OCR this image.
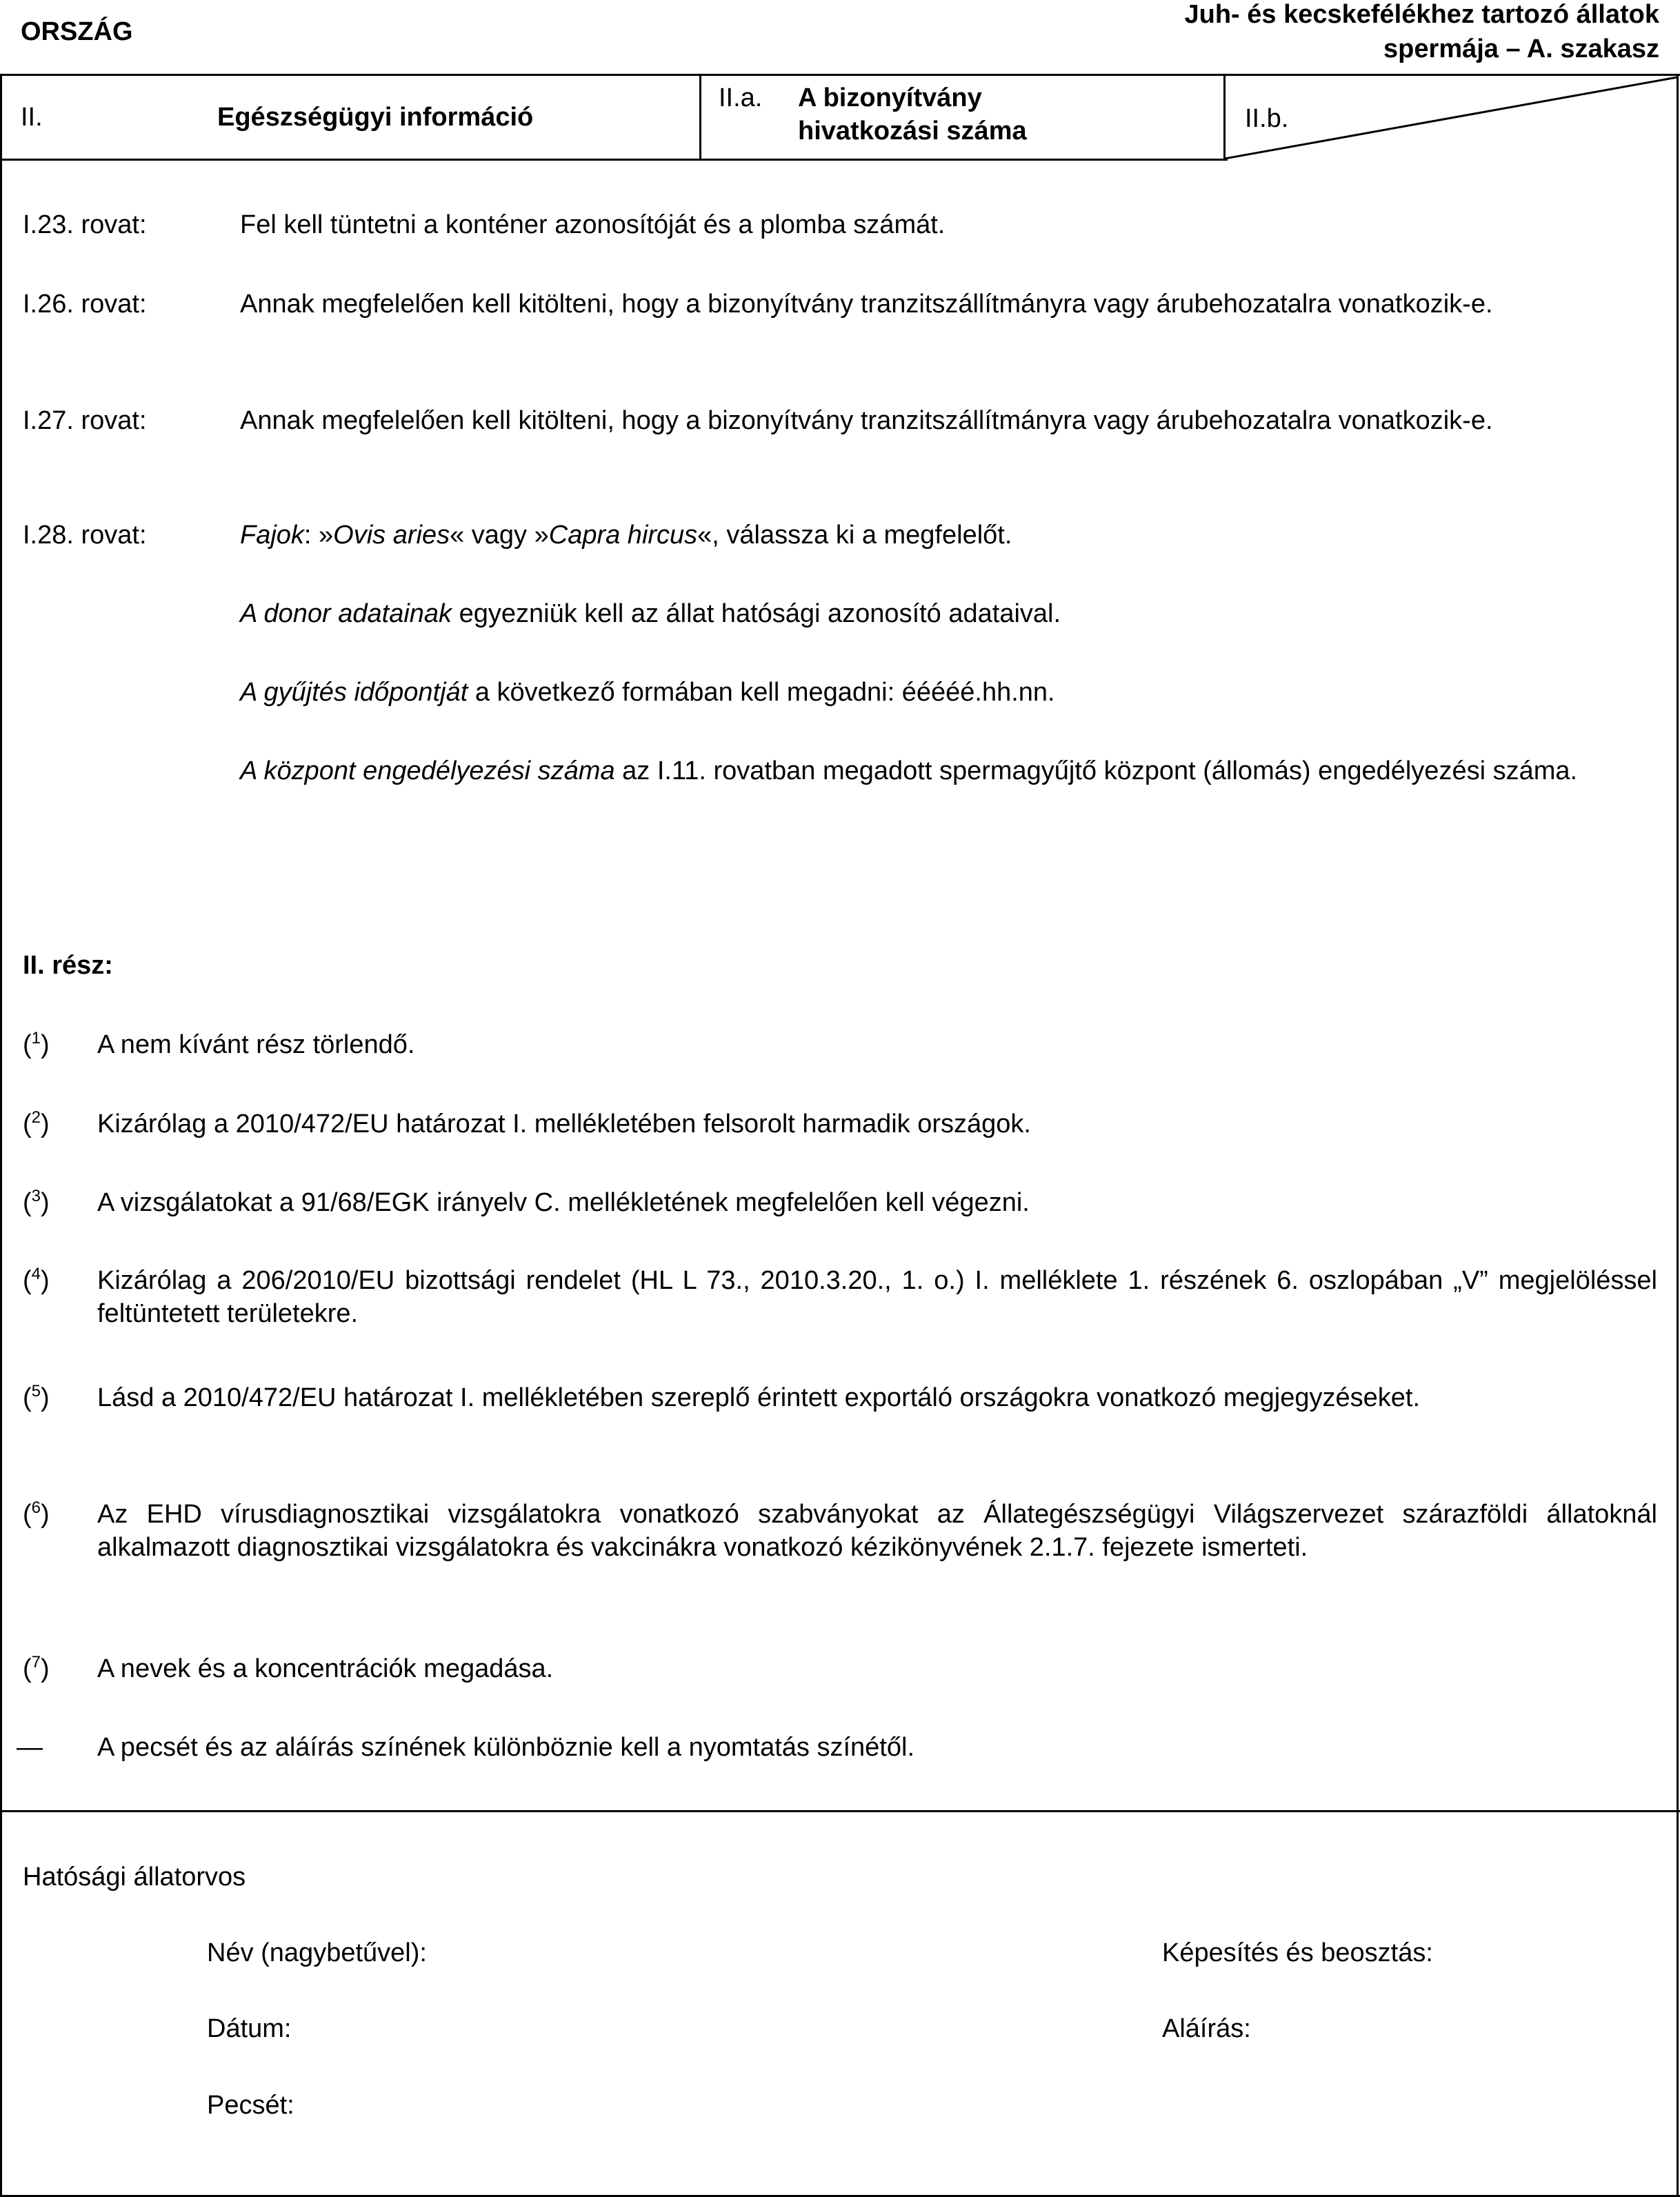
ORSZÁG
Juh- és kecskefélékhez tartozó állatok
spermája – A. szakasz
II.	Egészségügyi információ
II.a. A bizonyítvány
hivatkozási száma	II.b.
I.23. rovat:	Fel kell tüntetni a konténer azonosítóját és a plomba számát.
I.26. rovat:	Annak megfelelően kell kitölteni, hogy a bizonyítvány tranzitszállítmányra vagy árubehozatalra vonatkozik-e.
I.27. rovat:	Annak megfelelően kell kitölteni, hogy a bizonyítvány tranzitszállítmányra vagy árubehozatalra vonatkozik-e.
I.28. rovat:	Fajok: »Ovis aries« vagy »Capra hircus«, válassza ki a megfelelőt.
A donor adatainak egyezniük kell az állat hatósági azonosító adataival.
A gyűjtés időpontját a következő formában kell megadni: ééééé.hh.nn.
A központ engedélyezési száma az I.11. rovatban megadott spermagyűjtő központ (állomás) engedélyezési száma.
II. rész:
($^1$) A nem kívánt rész törlendő.
($^2$) Kizárólag a 2010/472/EU határozat I. mellékletében felsorolt harmadik országok.
($^3$) A vizsgálatokat a 91/68/EGK irányelv C. mellékletének megfelelően kell végezni.
($^4$) Kizárólag a 206/2010/EU bizottsági rendelet (HL L 73., 2010.3.20., 1. o.) I. melléklete 1. részének 6. oszlopában „V” megjelöléssel feltüntetett területekre.
($^5$) Lásd a 2010/472/EU határozat I. mellékletében szereplő érintett exportáló országokra vonatkozó megjegyzéseket.
($^6$) Az EHD vírusdiagnosztikai vizsgálatokra vonatkozó szabványokat az Állategészségügyi Világszervezet szárazföldi állatoknál alkalmazott diagnosztikai vizsgálatokra és vakcinákra vonatkozó kézikönyvének 2.1.7. fejezete ismerteti.
($^7$) A nevek és a koncentrációk megadása.
— A pecsét és az aláírás színének különböznie kell a nyomtatás színétől.
Hatósági állatorvos
Név (nagybetűvel):	Képesítés és beosztás:
Dátum:	Aláírás:
Pecsét:
